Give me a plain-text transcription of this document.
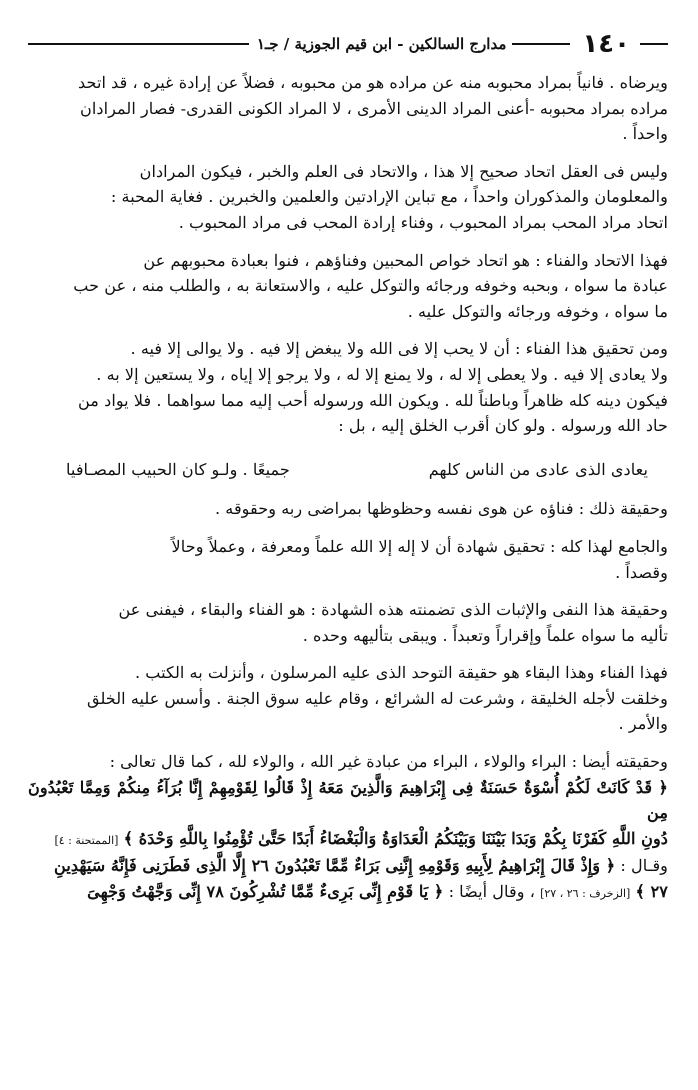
١٤٠
مدارج السالكين - ابن قيم الجوزية / جـ١

ويرضاه . فانياً بمراد محبوبه منه عن مراده هو من محبوبه ، فضلاً عن إرادة غيره ، قد اتحد
مراده بمراد محبوبه -أعنى المراد الدينى الأمرى ، لا المراد الكونى القدرى- فصار المرادان
واحداً .

وليس فى العقل اتحاد صحيح إلا هذا ، والاتحاد فى العلم والخبر ، فيكون المرادان
والمعلومان والمذكوران واحداً ، مع تباين الإرادتين والعلمين والخبرين . فغاية المحبة :
اتحاد مراد المحب بمراد المحبوب ، وفناء إرادة المحب فى مراد المحبوب .

فهذا الاتحاد والفناء : هو اتحاد خواص المحبين وفناؤهم ، فنوا بعبادة محبوبهم عن
عبادة ما سواه ، وبحبه وخوفه ورجائه والتوكل عليه ، والاستعانة به ، والطلب منه ، عن حب
ما سواه ، وخوفه ورجائه والتوكل عليه .

ومن تحقيق هذا الفناء : أن لا يحب إلا فى الله ولا يبغض إلا فيه . ولا يوالى إلا فيه .
ولا يعادى إلا فيه . ولا يعطى إلا له ، ولا يمنع إلا له ، ولا يرجو إلا إياه ، ولا يستعين إلا به .
فيكون دينه كله ظاهراً وباطناً لله . ويكون الله ورسوله أحب إليه مما سواهما . فلا يواد من
حاد الله ورسوله . ولو كان أقرب الخلق إليه ، بل :

يعادى الذى عادى من الناس كلهم
جميعًا . ولـو كان الحبيب المصـافيا

وحقيقة ذلك : فناؤه عن هوى نفسه وحظوظها بمراضى ربه وحقوقه .

والجامع لهذا كله : تحقيق شهادة أن لا إله إلا الله علماً ومعرفة ، وعملاً وحالاً
وقصداً .

وحقيقة هذا النفى والإثبات الذى تضمنته هذه الشهادة : هو الفناء والبقاء ، فيفنى عن
تأليه ما سواه علماً وإقراراً وتعبداً . ويبقى بتأليهه وحده .

فهذا الفناء وهذا البقاء هو حقيقة التوحد الذى عليه المرسلون ، وأنزلت به الكتب .
وخلقت لأجله الخليقة ، وشرعت له الشرائع ، وقام عليه سوق الجنة . وأسس عليه الخلق
والأمر .

وحقيقته أيضا : البراء والولاء ، البراء من عبادة غير الله ، والولاء لله ، كما قال تعالى :
﴿ قَدْ كَانَتْ لَكُمْ أُسْوَةٌ حَسَنَةٌ فِى إِبْرَاهِيمَ وَالَّذِينَ مَعَهُ إِذْ قَالُوا لِقَوْمِهِمْ إِنَّا بُرَآءُ مِنكُمْ وَمِمَّا تَعْبُدُونَ مِن
دُونِ اللَّهِ كَفَرْنَا بِكُمْ وَبَدَا بَيْنَنَا وَبَيْنَكُمُ الْعَدَاوَةُ وَالْبَغْضَاءُ أَبَدًا حَتَّىٰ تُؤْمِنُوا بِاللَّهِ وَحْدَهُ ﴾ [الممتحنة : ٤]
وقـال : ﴿ وَإِذْ قَالَ إِبْرَاهِيمُ لِأَبِيهِ وَقَوْمِهِ إِنَّنِى بَرَاءٌ مِّمَّا تَعْبُدُونَ ٢٦ إِلَّا الَّذِى فَطَرَنِى فَإِنَّهُ سَيَهْدِينِ
٢٧ ﴾ [الزخرف : ٢٦ ، ٢٧] ، وقال أيضًا : ﴿ يَا قَوْمِ إِنِّى بَرِىءٌ مِّمَّا تُشْرِكُونَ ٧٨ إِنِّى وَجَّهْتُ وَجْهِىَ
